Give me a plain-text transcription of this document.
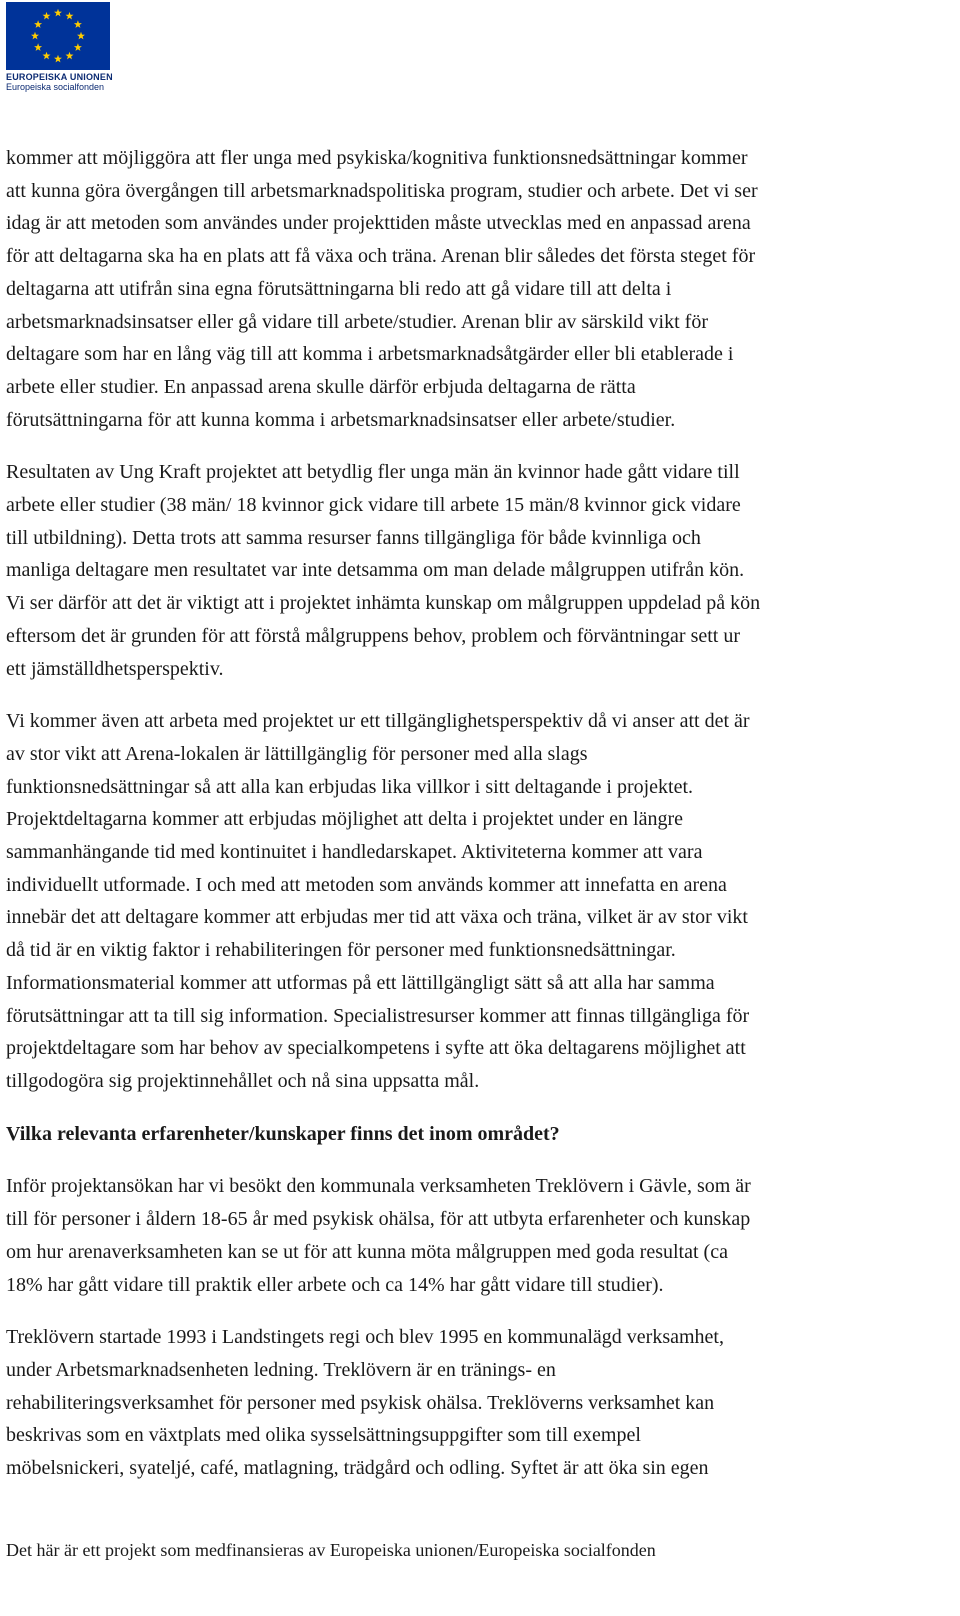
EUROPEISKA UNIONEN
Europeiska socialfonden

kommer att möjliggöra att fler unga med psykiska/kognitiva funktionsnedsättningar kommer
att kunna göra övergången till arbetsmarknadspolitiska program, studier och arbete. Det vi ser
idag är att metoden som användes under projekttiden måste utvecklas med en anpassad arena
för att deltagarna ska ha en plats att få växa och träna. Arenan blir således det första steget för
deltagarna att utifrån sina egna förutsättningarna bli redo att gå vidare till att delta i
arbetsmarknadsinsatser eller gå vidare till arbete/studier. Arenan blir av särskild vikt för
deltagare som har en lång väg till att komma i arbetsmarknadsåtgärder eller bli etablerade i
arbete eller studier. En anpassad arena skulle därför erbjuda deltagarna de rätta
förutsättningarna för att kunna komma i arbetsmarknadsinsatser eller arbete/studier.

Resultaten av Ung Kraft projektet att betydlig fler unga män än kvinnor hade gått vidare till
arbete eller studier (38 män/ 18 kvinnor gick vidare till arbete 15 män/8 kvinnor gick vidare
till utbildning). Detta trots att samma resurser fanns tillgängliga för både kvinnliga och
manliga deltagare men resultatet var inte detsamma om man delade målgruppen utifrån kön.
Vi ser därför att det är viktigt att i projektet inhämta kunskap om målgruppen uppdelad på kön
eftersom det är grunden för att förstå målgruppens behov, problem och förväntningar sett ur
ett jämställdhetsperspektiv.

Vi kommer även att arbeta med projektet ur ett tillgänglighetsperspektiv då vi anser att det är
av stor vikt att Arena-lokalen är lättillgänglig för personer med alla slags
funktionsnedsättningar så att alla kan erbjudas lika villkor i sitt deltagande i projektet.
Projektdeltagarna kommer att erbjudas möjlighet att delta i projektet under en längre
sammanhängande tid med kontinuitet i handledarskapet. Aktiviteterna kommer att vara
individuellt utformade. I och med att metoden som används kommer att innefatta en arena
innebär det att deltagare kommer att erbjudas mer tid att växa och träna, vilket är av stor vikt
då tid är en viktig faktor i rehabiliteringen för personer med funktionsnedsättningar.
Informationsmaterial kommer att utformas på ett lättillgängligt sätt så att alla har samma
förutsättningar att ta till sig information. Specialistresurser kommer att finnas tillgängliga för
projektdeltagare som har behov av specialkompetens i syfte att öka deltagarens möjlighet att
tillgodogöra sig projektinnehållet och nå sina uppsatta mål.

Vilka relevanta erfarenheter/kunskaper finns det inom området?

Inför projektansökan har vi besökt den kommunala verksamheten Treklövern i Gävle, som är
till för personer i åldern 18-65 år med psykisk ohälsa, för att utbyta erfarenheter och kunskap
om hur arenaverksamheten kan se ut för att kunna möta målgruppen med goda resultat (ca
18% har gått vidare till praktik eller arbete och ca 14% har gått vidare till studier).

Treklövern startade 1993 i Landstingets regi och blev 1995 en kommunalägd verksamhet,
under Arbetsmarknadsenheten ledning. Treklövern är en tränings- en
rehabiliteringsverksamhet för personer med psykisk ohälsa. Treklöverns verksamhet kan
beskrivas som en växtplats med olika sysselsättningsuppgifter som till exempel
möbelsnickeri, syateljé, café, matlagning, trädgård och odling. Syftet är att öka sin egen

Det här är ett projekt som medfinansieras av Europeiska unionen/Europeiska socialfonden
